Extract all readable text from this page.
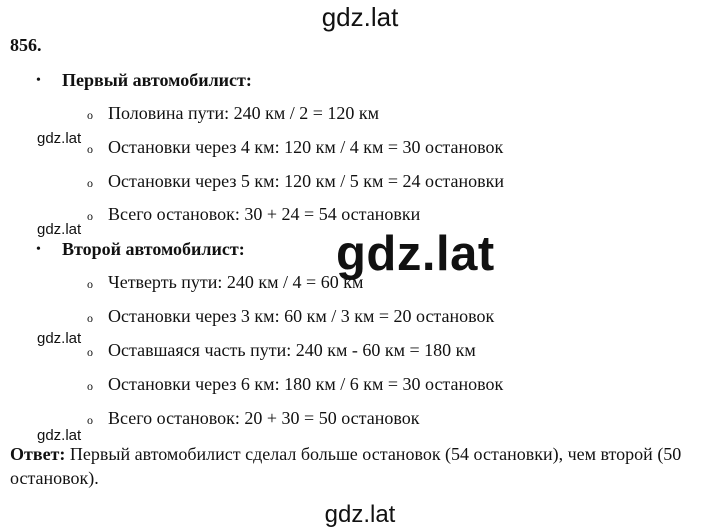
gdz.lat
gdz.lat
gdz.lat	gdz.lat
gdz.lat
gdz.lat
gdz.lat
856.
• Первый автомобилист:
o Половина пути: 240 км / 2 = 120 км
o Остановки через 4 км: 120 км / 4 км = 30 остановок
o Остановки через 5 км: 120 км / 5 км = 24 остановки
o Всего остановок: 30 + 24 = 54 остановки
• Второй автомобилист:
o Четверть пути: 240 км / 4 = 60 км
o Остановки через 3 км: 60 км / 3 км = 20 остановок
o Оставшаяся часть пути: 240 км - 60 км = 180 км
o Остановки через 6 км: 180 км / 6 км = 30 остановок
o Всего остановок: 20 + 30 = 50 остановок
Ответ: Первый автомобилист сделал больше остановок (54 остановки), чем второй (50 остановок).
